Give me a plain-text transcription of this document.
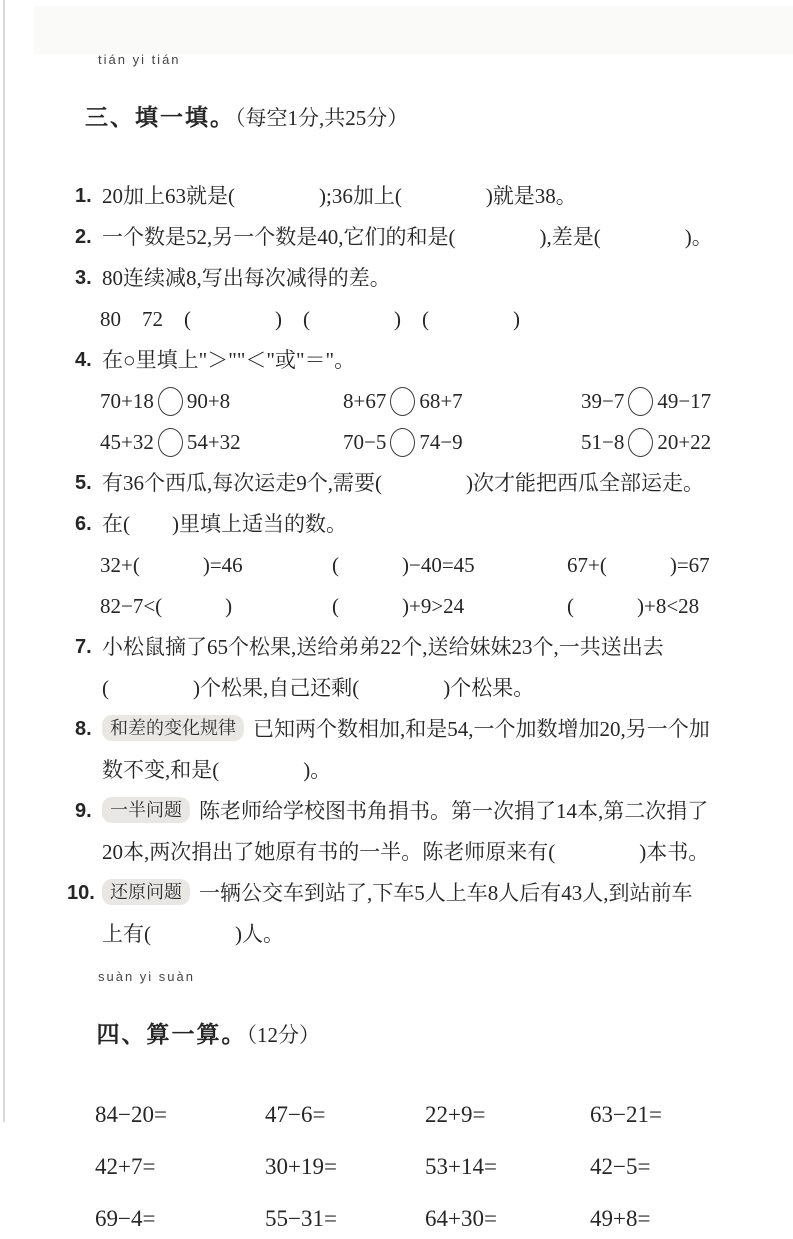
tián yi tián

三、填一填。（每空1分,共25分）

1. 20加上63就是(　　　　);36加上(　　　　)就是38。
2. 一个数是52,另一个数是40,它们的和是(　　　　),差是(　　　　)。
3. 80连续减8,写出每次减得的差。
80　72　(　　　　)　(　　　　)　(　　　　)
4. 在○里填上"＞""＜"或"＝"。
70+18 90+8	8+67 68+7	39−7 49−17
45+32 54+32	70−5 74−9	51−8 20+22
5. 有36个西瓜,每次运走9个,需要(　　　　)次才能把西瓜全部运走。
6. 在(　　)里填上适当的数。
32+(　　　)=46	(　　　)−40=45	67+(　　　)=67
82−7<(　　　)	(　　　)+9>24	(　　　)+8<28
7. 小松鼠摘了65个松果,送给弟弟22个,送给妹妹23个,一共送出去
(　　　　)个松果,自己还剩(　　　　)个松果。
8.	和差的变化规律 已知两个数相加,和是54,一个加数增加20,另一个加
数不变,和是(　　　　)。
9.	一半问题 陈老师给学校图书角捐书。第一次捐了14本,第二次捐了
20本,两次捐出了她原有书的一半。陈老师原来有(　　　　)本书。
10. 还原问题 一辆公交车到站了,下车5人上车8人后有43人,到站前车
上有(　　　　)人。
suàn yi suàn

四、算一算。（12分）

84−20=	47−6=	22+9=	63−21=
42+7=	30+19=	53+14=	42−5=
69−4=	55−31=	64+30=	49+8=
